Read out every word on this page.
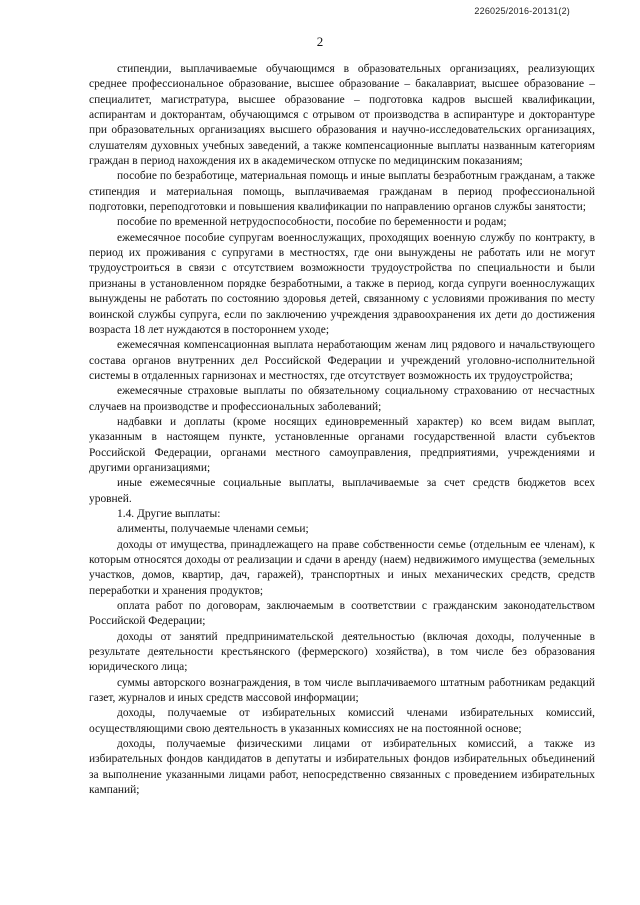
226025/2016-20131(2)
2

стипендии, выплачиваемые обучающимся в образовательных организациях, реализующих среднее профессиональное образование, высшее образование – бакалавриат, высшее образование – специалитет, магистратура, высшее образование – подготовка кадров высшей квалификации, аспирантам и докторантам, обучающимся с отрывом от производства в аспирантуре и докторантуре при образовательных организациях высшего образования и научно-исследовательских организациях, слушателям духовных учебных заведений, а также компенсационные выплаты названным категориям граждан в период нахождения их в академическом отпуске по медицинским показаниям;

пособие по безработице, материальная помощь и иные выплаты безработным гражданам, а также стипендия и материальная помощь, выплачиваемая гражданам в период профессиональной подготовки, переподготовки и повышения квалификации по направлению органов службы занятости;

пособие по временной нетрудоспособности, пособие по беременности и родам;

ежемесячное пособие супругам военнослужащих, проходящих военную службу по контракту, в период их проживания с супругами в местностях, где они вынуждены не работать или не могут трудоустроиться в связи с отсутствием возможности трудоустройства по специальности и были признаны в установленном порядке безработными, а также в период, когда супруги военнослужащих вынуждены не работать по состоянию здоровья детей, связанному с условиями проживания по месту воинской службы супруга, если по заключению учреждения здравоохранения их дети до достижения возраста 18 лет нуждаются в постороннем уходе;

ежемесячная компенсационная выплата неработающим женам лиц рядового и начальствующего состава органов внутренних дел Российской Федерации и учреждений уголовно-исполнительной системы в отдаленных гарнизонах и местностях, где отсутствует возможность их трудоустройства;

ежемесячные страховые выплаты по обязательному социальному страхованию от несчастных случаев на производстве и профессиональных заболеваний;

надбавки и доплаты (кроме носящих единовременный характер) ко всем видам выплат, указанным в настоящем пункте, установленные органами государственной власти субъектов Российской Федерации, органами местного самоуправления, предприятиями, учреждениями и другими организациями;

иные ежемесячные социальные выплаты, выплачиваемые за счет средств бюджетов всех уровней.

1.4. Другие выплаты:

алименты, получаемые членами семьи;

доходы от имущества, принадлежащего на праве собственности семье (отдельным ее членам), к которым относятся доходы от реализации и сдачи в аренду (наем) недвижимого имущества (земельных участков, домов, квартир, дач, гаражей), транспортных и иных механических средств, средств переработки и хранения продуктов;

оплата работ по договорам, заключаемым в соответствии с гражданским законодательством Российской Федерации;

доходы от занятий предпринимательской деятельностью (включая доходы, полученные в результате деятельности крестьянского (фермерского) хозяйства), в том числе без образования юридического лица;

суммы авторского вознаграждения, в том числе выплачиваемого штатным работникам редакций газет, журналов и иных средств массовой информации;

доходы, получаемые от избирательных комиссий членами избирательных комиссий, осуществляющими свою деятельность в указанных комиссиях не на постоянной основе;

доходы, получаемые физическими лицами от избирательных комиссий, а также из избирательных фондов кандидатов в депутаты и избирательных фондов избирательных объединений за выполнение указанными лицами работ, непосредственно связанных с проведением избирательных кампаний;
